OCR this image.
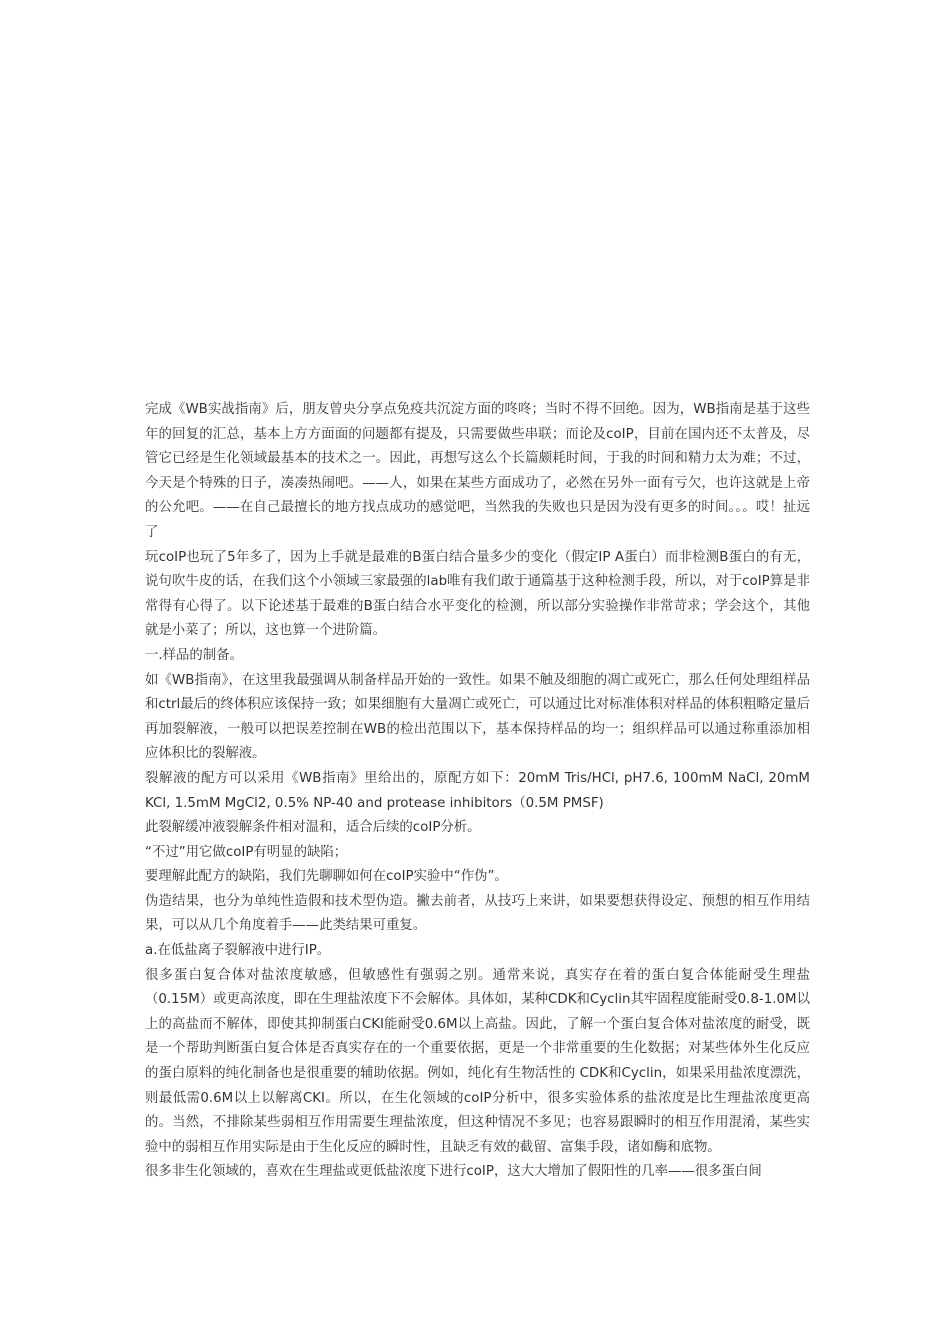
完成《WB实战指南》后，朋友曾央分享点免疫共沉淀方面的咚咚；当时不得不回绝。因为，WB指南是基于这些年的回复的汇总，基本上方方面面的问题都有提及，只需要做些串联；而论及coIP，目前在国内还不太普及，尽管它已经是生化领域最基本的技术之一。因此，再想写这么个长篇颇耗时间，于我的时间和精力太为难；不过，今天是个特殊的日子，凑凑热闹吧。——人，如果在某些方面成功了，必然在另外一面有亏欠，也许这就是上帝的公允吧。——在自己最擅长的地方找点成功的感觉吧，当然我的失败也只是因为没有更多的时间。。。哎！扯远了

玩coIP也玩了5年多了，因为上手就是最难的B蛋白结合量多少的变化（假定IP A蛋白）而非检测B蛋白的有无，说句吹牛皮的话，在我们这个小领域三家最强的lab唯有我们敢于通篇基于这种检测手段，所以，对于coIP算是非常得有心得了。以下论述基于最难的B蛋白结合水平变化的检测，所以部分实验操作非常苛求；学会这个，其他就是小菜了；所以，这也算一个进阶篇。

一.样品的制备。

如《WB指南》，在这里我最强调从制备样品开始的一致性。如果不触及细胞的凋亡或死亡，那么任何处理组样品和ctrl最后的终体积应该保持一致；如果细胞有大量凋亡或死亡，可以通过比对标准体积对样品的体积粗略定量后再加裂解液，一般可以把误差控制在WB的检出范围以下，基本保持样品的均一；组织样品可以通过称重添加相应体积比的裂解液。

裂解液的配方可以采用《WB指南》里给出的，原配方如下：20mM Tris/HCl, pH7.6, 100mM NaCl, 20mM KCl, 1.5mM MgCl2, 0.5% NP-40 and protease inhibitors（0.5M PMSF)

此裂解缓冲液裂解条件相对温和，适合后续的coIP分析。

“不过”用它做coIP有明显的缺陷；

要理解此配方的缺陷，我们先聊聊如何在coIP实验中“作伪”。

伪造结果，也分为单纯性造假和技术型伪造。撇去前者，从技巧上来讲，如果要想获得设定、预想的相互作用结果，可以从几个角度着手——此类结果可重复。

a.在低盐离子裂解液中进行IP。

很多蛋白复合体对盐浓度敏感，但敏感性有强弱之别。通常来说，真实存在着的蛋白复合体能耐受生理盐（0.15M）或更高浓度，即在生理盐浓度下不会解体。具体如，某种CDK和Cyclin其牢固程度能耐受0.8-1.0M以上的高盐而不解体，即使其抑制蛋白CKI能耐受0.6M以上高盐。因此，了解一个蛋白复合体对盐浓度的耐受，既是一个帮助判断蛋白复合体是否真实存在的一个重要依据，更是一个非常重要的生化数据；对某些体外生化反应的蛋白原料的纯化制备也是很重要的辅助依据。例如，纯化有生物活性的 CDK和Cyclin，如果采用盐浓度漂洗，则最低需0.6M以上以解离CKI。所以，在生化领域的coIP分析中，很多实验体系的盐浓度是比生理盐浓度更高的。当然，不排除某些弱相互作用需要生理盐浓度，但这种情况不多见；也容易跟瞬时的相互作用混淆，某些实验中的弱相互作用实际是由于生化反应的瞬时性，且缺乏有效的截留、富集手段，诸如酶和底物。

很多非生化领域的，喜欢在生理盐或更低盐浓度下进行coIP，这大大增加了假阳性的几率——很多蛋白间
